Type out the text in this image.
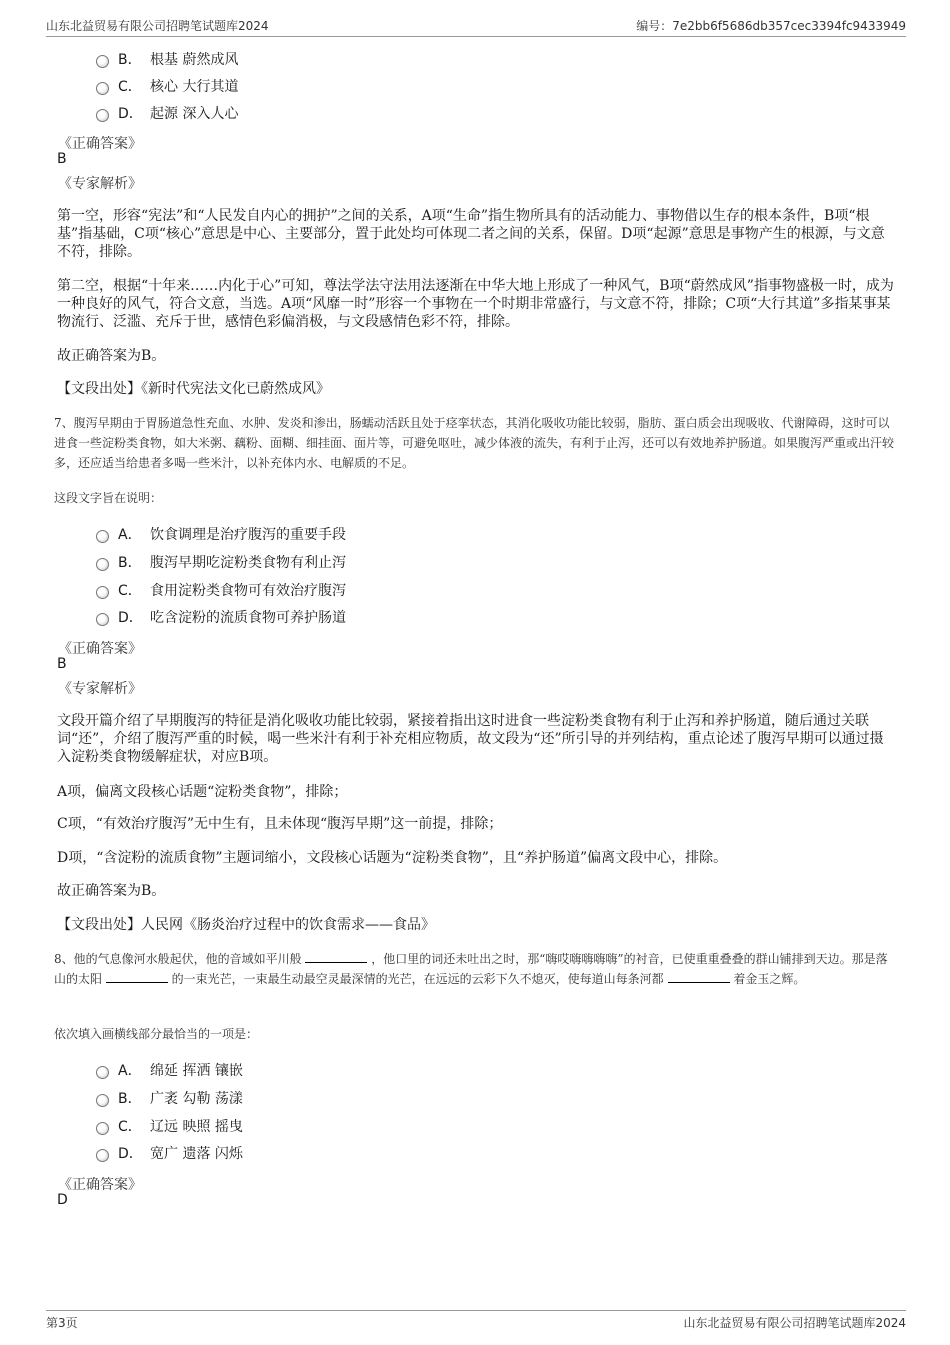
山东北益贸易有限公司招聘笔试题库2024	编号：7e2bb6f5686db357cec3394fc9433949
B． 根基 蔚然成风
C． 核心 大行其道
D． 起源 深入人心
《正确答案》
B
《专家解析》
第一空，形容“宪法”和“人民发自内心的拥护”之间的关系，A项“生命”指生物所具有的活动能力、事物借以生存的根本条件，B项“根基”指基础，C项“核心”意思是中心、主要部分，置于此处均可体现二者之间的关系，保留。D项“起源”意思是事物产生的根源，与文意不符，排除。
第二空，根据“十年来……内化于心”可知，尊法学法守法用法逐渐在中华大地上形成了一种风气，B项“蔚然成风”指事物盛极一时，成为一种良好的风气，符合文意，当选。A项“风靡一时”形容一个事物在一个时期非常盛行，与文意不符，排除；C项“大行其道”多指某事某物流行、泛滥、充斥于世，感情色彩偏消极，与文段感情色彩不符，排除。
故正确答案为B。
【文段出处】《新时代宪法文化已蔚然成风》
7、腹泻早期由于胃肠道急性充血、水肿、发炎和渗出，肠蠕动活跃且处于痉挛状态，其消化吸收功能比较弱，脂肪、蛋白质会出现吸收、代谢障碍，这时可以进食一些淀粉类食物，如大米粥、藕粉、面糊、细挂面、面片等，可避免呕吐，减少体液的流失，有利于止泻，还可以有效地养护肠道。如果腹泻严重或出汗较多，还应适当给患者多喝一些米汁，以补充体内水、电解质的不足。
这段文字旨在说明：
A． 饮食调理是治疗腹泻的重要手段
B． 腹泻早期吃淀粉类食物有利止泻
C． 食用淀粉类食物可有效治疗腹泻
D． 吃含淀粉的流质食物可养护肠道
《正确答案》
B
《专家解析》
文段开篇介绍了早期腹泻的特征是消化吸收功能比较弱，紧接着指出这时进食一些淀粉类食物有利于止泻和养护肠道，随后通过关联词“还”，介绍了腹泻严重的时候，喝一些米汁有利于补充相应物质，故文段为“还”所引导的并列结构，重点论述了腹泻早期可以通过摄入淀粉类食物缓解症状，对应B项。
A项，偏离文段核心话题“淀粉类食物”，排除；
C项，“有效治疗腹泻”无中生有，且未体现“腹泻早期”这一前提，排除；
D项，“含淀粉的流质食物”主题词缩小，文段核心话题为“淀粉类食物”，且“养护肠道”偏离文段中心，排除。
故正确答案为B。
【文段出处】人民网《肠炎治疗过程中的饮食需求——食品》
8、他的气息像河水般起伏，他的音域如平川般	，他口里的词还未吐出之时，那“嗨哎嗨嗨嗨嗨”的衬音，已使重重叠叠的群山铺排到天边。那是落山的太阳	的一束光芒，一束最生动最空灵最深情的光芒，在远远的云彩下久不熄灭，使每道山每条河都	着金玉之辉。
依次填入画横线部分最恰当的一项是：
A． 绵延 挥洒 镶嵌
B． 广袤 勾勒 荡漾
C． 辽远 映照 摇曳
D． 宽广 遗落 闪烁
《正确答案》
D
第3页	山东北益贸易有限公司招聘笔试题库2024
